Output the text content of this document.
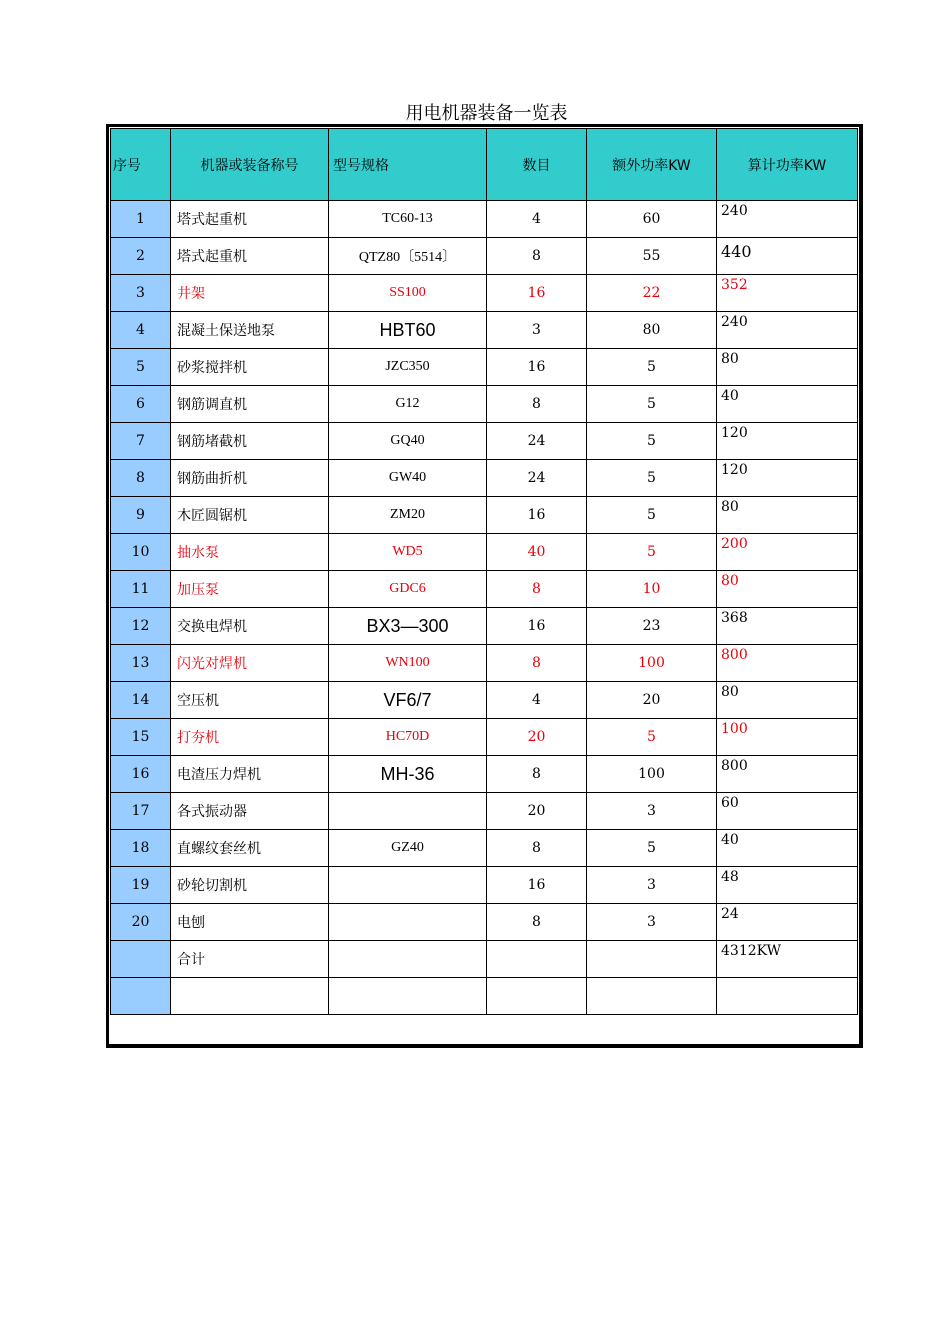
用电机器装备一览表
序号	机器或装备称号	型号规格	数目	额外功率KW	算计功率KW
1	塔式起重机	TC60-13	4	60	240
2	塔式起重机	QTZ80〔5514〕	8	55	440
3	井架	SS100	16	22	352
4	混凝土保送地泵	HBT60	3	80	240
5	砂浆搅拌机	JZC350	16	5	80
6	钢筋调直机	G12	8	5	40
7	钢筋堵截机	GQ40	24	5	120
8	钢筋曲折机	GW40	24	5	120
9	木匠圆锯机	ZM20	16	5	80
10	抽水泵	WD5	40	5	200
11	加压泵	GDC6	8	10	80
12	交换电焊机	BX3—300	16	23	368
13	闪光对焊机	WN100	8	100	800
14	空压机	VF6/7	4	20	80
15	打夯机	HC70D	20	5	100
16	电渣压力焊机	MH-36	8	100	800
17	各式振动器		20	3	60
18	直螺纹套丝机	GZ40	8	5	40
19	砂轮切割机		16	3	48
20	电刨		8	3	24
	合计				4312KW
